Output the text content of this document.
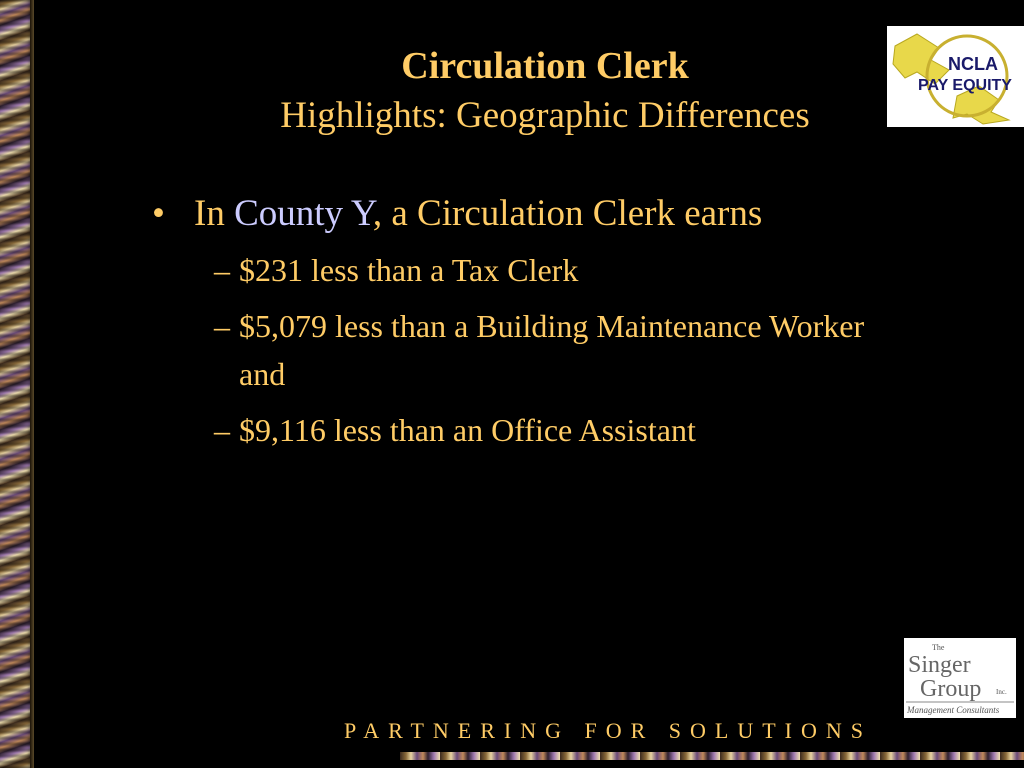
Circulation Clerk
Highlights: Geographic Differences
NCLA
PAY EQUITY
• In County Y, a Circulation Clerk earns
– $231 less than a Tax Clerk
– $5,079 less than a Building Maintenance Worker and
– $9,116 less than an Office Assistant
The
Singer
Group Inc.
Management Consultants
PARTNERING FOR SOLUTIONS
